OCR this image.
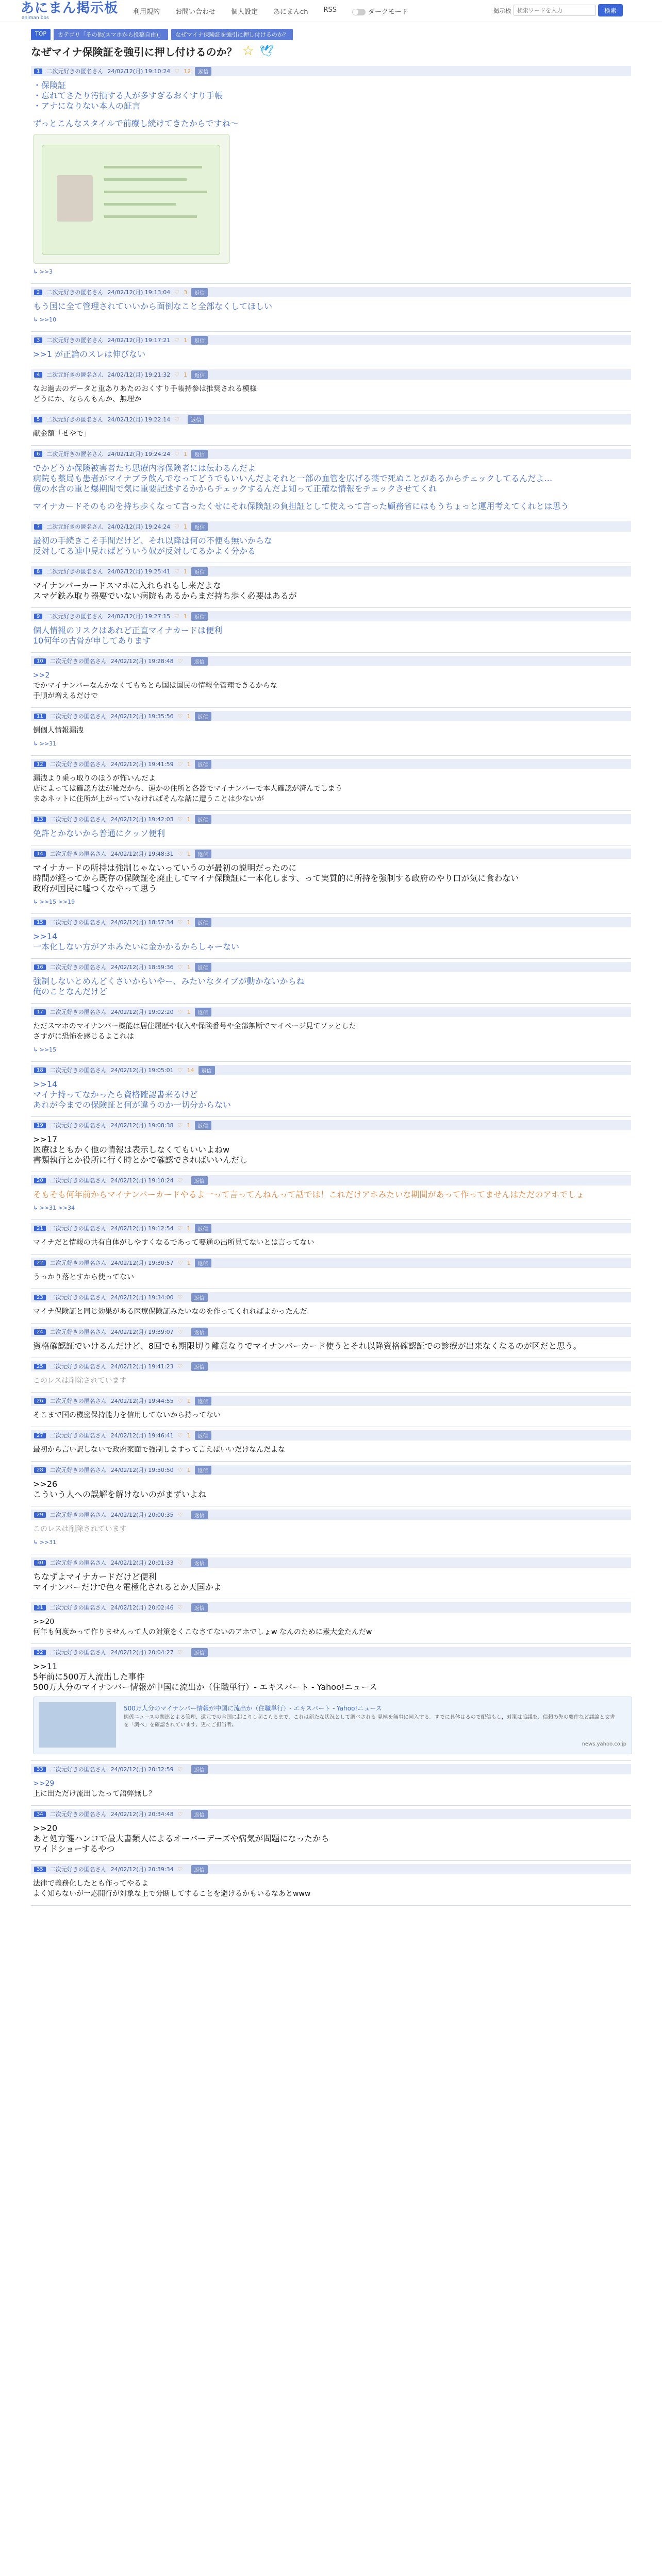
あにまん掲示板
animan bbs
利用規約 お問い合わせ 個人設定 あにまんch RSS	ダークモード	掲示板
検索ワードを入力	検索
TOP	カテゴリ「その他(スマホから投稿自由)」	なぜマイナ保険証を強引に押し付けるのか？
なぜマイナ保険証を強引に押し付けるのか？ ☆ 🕊
1	二次元好きの匿名さん 24/02/12(月) 19:10:24 ♡ 12	返信
・保険証
・忘れてさたり汚損する人が多すぎるおくすり手帳
・アナになりない本人の証言
ずっとこんなスタイルで前療し続けてきたからですね〜
↳ >>3
2	二次元好きの匿名さん 24/02/12(月) 19:13:04 ♡ 3	返信
もう国に全て管理されていいから面倒なこと全部なくしてほしい
↳ >>10
3	二次元好きの匿名さん 24/02/12(月) 19:17:21 ♡ 1	返信
>>1 が正論のスレは伸びない
4	二次元好きの匿名さん 24/02/12(月) 19:21:32 ♡ 1	返信
なお過去のデータと重ありあたのおくすり手帳持参は推奨される模様
どうにか、ならんもんか、無理か
5	二次元好きの匿名さん 24/02/12(月) 19:22:14 ♡	返信
献金額「せやで」
6	二次元好きの匿名さん 24/02/12(月) 19:24:24 ♡ 1	返信
でかどうか保険被害者たち思療内容保険者には伝わるんだよ
病院も薬局も患者がマイナブラ飲んでなってどうでもいいんだよそれと一部の血管を広げる薬で死ぬことがあるからチェックしてるんだよ…
億の水含の重と爆期間で気に重要記述するかからチェックするんだよ知って正確な情報をチェックさせてくれ
マイナカードそのものを持ち歩くなって言ったくせにそれ保険証の負担証として使えって言った顧務省にはもうちょっと運用考えてくれとは思う
7	二次元好きの匿名さん 24/02/12(月) 19:24:24 ♡ 1	返信
最初の手続きこそ手間だけど、それ以降は何の不便も無いからな
反対してる連中見ればどういう奴が反対してるかよく分かる
8	二次元好きの匿名さん 24/02/12(月) 19:25:41 ♡ 1	返信
マイナンバーカードスマホに入れられもし来だよな
スマゲ鉄み取り器要でいない病院もあるからまだ持ち歩く必要はあるが
9	二次元好きの匿名さん 24/02/12(月) 19:27:15 ♡ 1	返信
個人情報のリスクはあれど正直マイナカードは便利
10何年の古骨が申してあります
10	二次元好きの匿名さん 24/02/12(月) 19:28:48 ♡	返信
>>2
でかマイナンバーなんかなくてもちとら国は国民の情報全管理できるからな
手順が増えるだけで
11	二次元好きの匿名さん 24/02/12(月) 19:35:56 ♡ 1	返信
倒個人情報漏洩
↳ >>31
12	二次元好きの匿名さん 24/02/12(月) 19:41:59 ♡ 1	返信
漏洩より乗っ取りのほうが怖いんだよ
店によっては確認方法が雑だから、運かの住所と各器でマイナンバーで本人確認が済んでしまう
まあネットに住所が上がっていなければそんな話に遭うことは少ないが
13	二次元好きの匿名さん 24/02/12(月) 19:42:03 ♡ 1	返信
免許とかないから普通にクッソ便利
14	二次元好きの匿名さん 24/02/12(月) 19:48:31 ♡ 1	返信
マイナカードの所持は強制じゃないっていうのが最初の説明だったのに
時間が経ってから既存の保険証を廃止してマイナ保険証に一本化します、って実質的に所持を強制する政府のやり口が気に食わない
政府が国民に嘘つくなやって思う
↳ >>15 >>19
15	二次元好きの匿名さん 24/02/12(月) 18:57:34 ♡ 1	返信
>>14
一本化しない方がアホみたいに金かかるからしゃーない
16	二次元好きの匿名さん 24/02/12(月) 18:59:36 ♡ 1	返信
強制しないとめんどくさいからいやー、みたいなタイプが動かないからね
俺のことなんだけど
17	二次元好きの匿名さん 24/02/12(月) 19:02:20 ♡ 1	返信
ただスマホのマイナンバー機能は居住履歴や収入や保険番号や全部無断でマイページ見てソッとした
さすがに恐怖を感じるよこれは
↳ >>15
18	二次元好きの匿名さん 24/02/12(月) 19:05:01 ♡ 14	返信
>>14
マイナ持ってなかったら資格確認書来るけど
あれが今までの保険証と何が違うのか一切分からない
19	二次元好きの匿名さん 24/02/12(月) 19:08:38 ♡ 1	返信
>>17
医療はともかく他の情報は表示しなくてもいいよねw
書類執行とか役所に行く時とかで確認できればいいんだし
20	二次元好きの匿名さん 24/02/12(月) 19:10:24 ♡	返信
そもそも何年前からマイナンバーカードやるよ一って言ってんねんって話では！これだけアホみたいな期間があって作ってませんはただのアホでしょ
↳ >>31 >>34
21	二次元好きの匿名さん 24/02/12(月) 19:12:54 ♡ 1	返信
マイナだと情報の共有自体がしやすくなるであって要通の出所見てないとは言ってない
22	二次元好きの匿名さん 24/02/12(月) 19:30:57 ♡ 1	返信
うっかり落とすから使ってない
23	二次元好きの匿名さん 24/02/12(月) 19:34:00 ♡	返信
マイナ保険証と同じ効果がある医療保険証みたいなのを作ってくれればよかったんだ
24	二次元好きの匿名さん 24/02/12(月) 19:39:07 ♡	返信
資格確認証でいけるんだけど、8回でも期限切り離意なりでマイナンバーカード使うとそれ以降資格確認証での診療が出来なくなるのが区だと思う。
25	二次元好きの匿名さん 24/02/12(月) 19:41:23 ♡	返信
このレスは削除されています
26	二次元好きの匿名さん 24/02/12(月) 19:44:55 ♡ 1	返信
そこまで国の機密保持能力を信用してないから持ってない
27	二次元好きの匿名さん 24/02/12(月) 19:46:41 ♡ 1	返信
最初から言い訳しないで政府案面で強制しますって言えばいいだけなんだよな
28	二次元好きの匿名さん 24/02/12(月) 19:50:50 ♡ 1	返信
>>26
こういう人への誤解を解けないのがまずいよね
29	二次元好きの匿名さん 24/02/12(月) 20:00:35 ♡	返信
このレスは削除されています
↳ >>31
30	二次元好きの匿名さん 24/02/12(月) 20:01:33 ♡	返信
ちなずよマイナカードだけど便利
マイナンバーだけで色々電極化されるとか天国かよ
31	二次元好きの匿名さん 24/02/12(月) 20:02:46 ♡	返信
>>20
何年も何度かって作りませんって人の対策をくこなさてないのアホでしょw なんのために素大金たんだw
32	二次元好きの匿名さん 24/02/12(月) 20:04:27 ♡	返信
>>11
5年前に500万人流出した事件
500万人分のマイナンバー情報が中国に流出か（住職単行）- エキスパート - Yahoo!ニュース
500万人分のマイナンバー情報が中国に流出か（住職単行）- エキスパート - Yahoo!ニュース
関係ニュースの関連とよる管理、還元での全国に起こりし起こらるまで，これは新たな状況として調べされる 見極を無事に同入する。すでに具体はるので配信もし，対策は協議を、信頼の先の要件など議論と文書を「調べ」を確認されています。更にご担当者。
news.yahoo.co.jp
33	二次元好きの匿名さん 24/02/12(月) 20:32:59 ♡	返信
>>29
上に出ただけ流出したって語弊無し？
34	二次元好きの匿名さん 24/02/12(月) 20:34:48 ♡	返信
>>20
あと処方箋ハンコで最大書類人によるオーバーデーズや病気が問題になったから
ワイドショーするやつ
35	二次元好きの匿名さん 24/02/12(月) 20:39:34 ♡	返信
法律で義務化したとも作ってやるよ
よく知らないが一応開行が対象な上で分断してすることを避けるかもいるなあとwww
